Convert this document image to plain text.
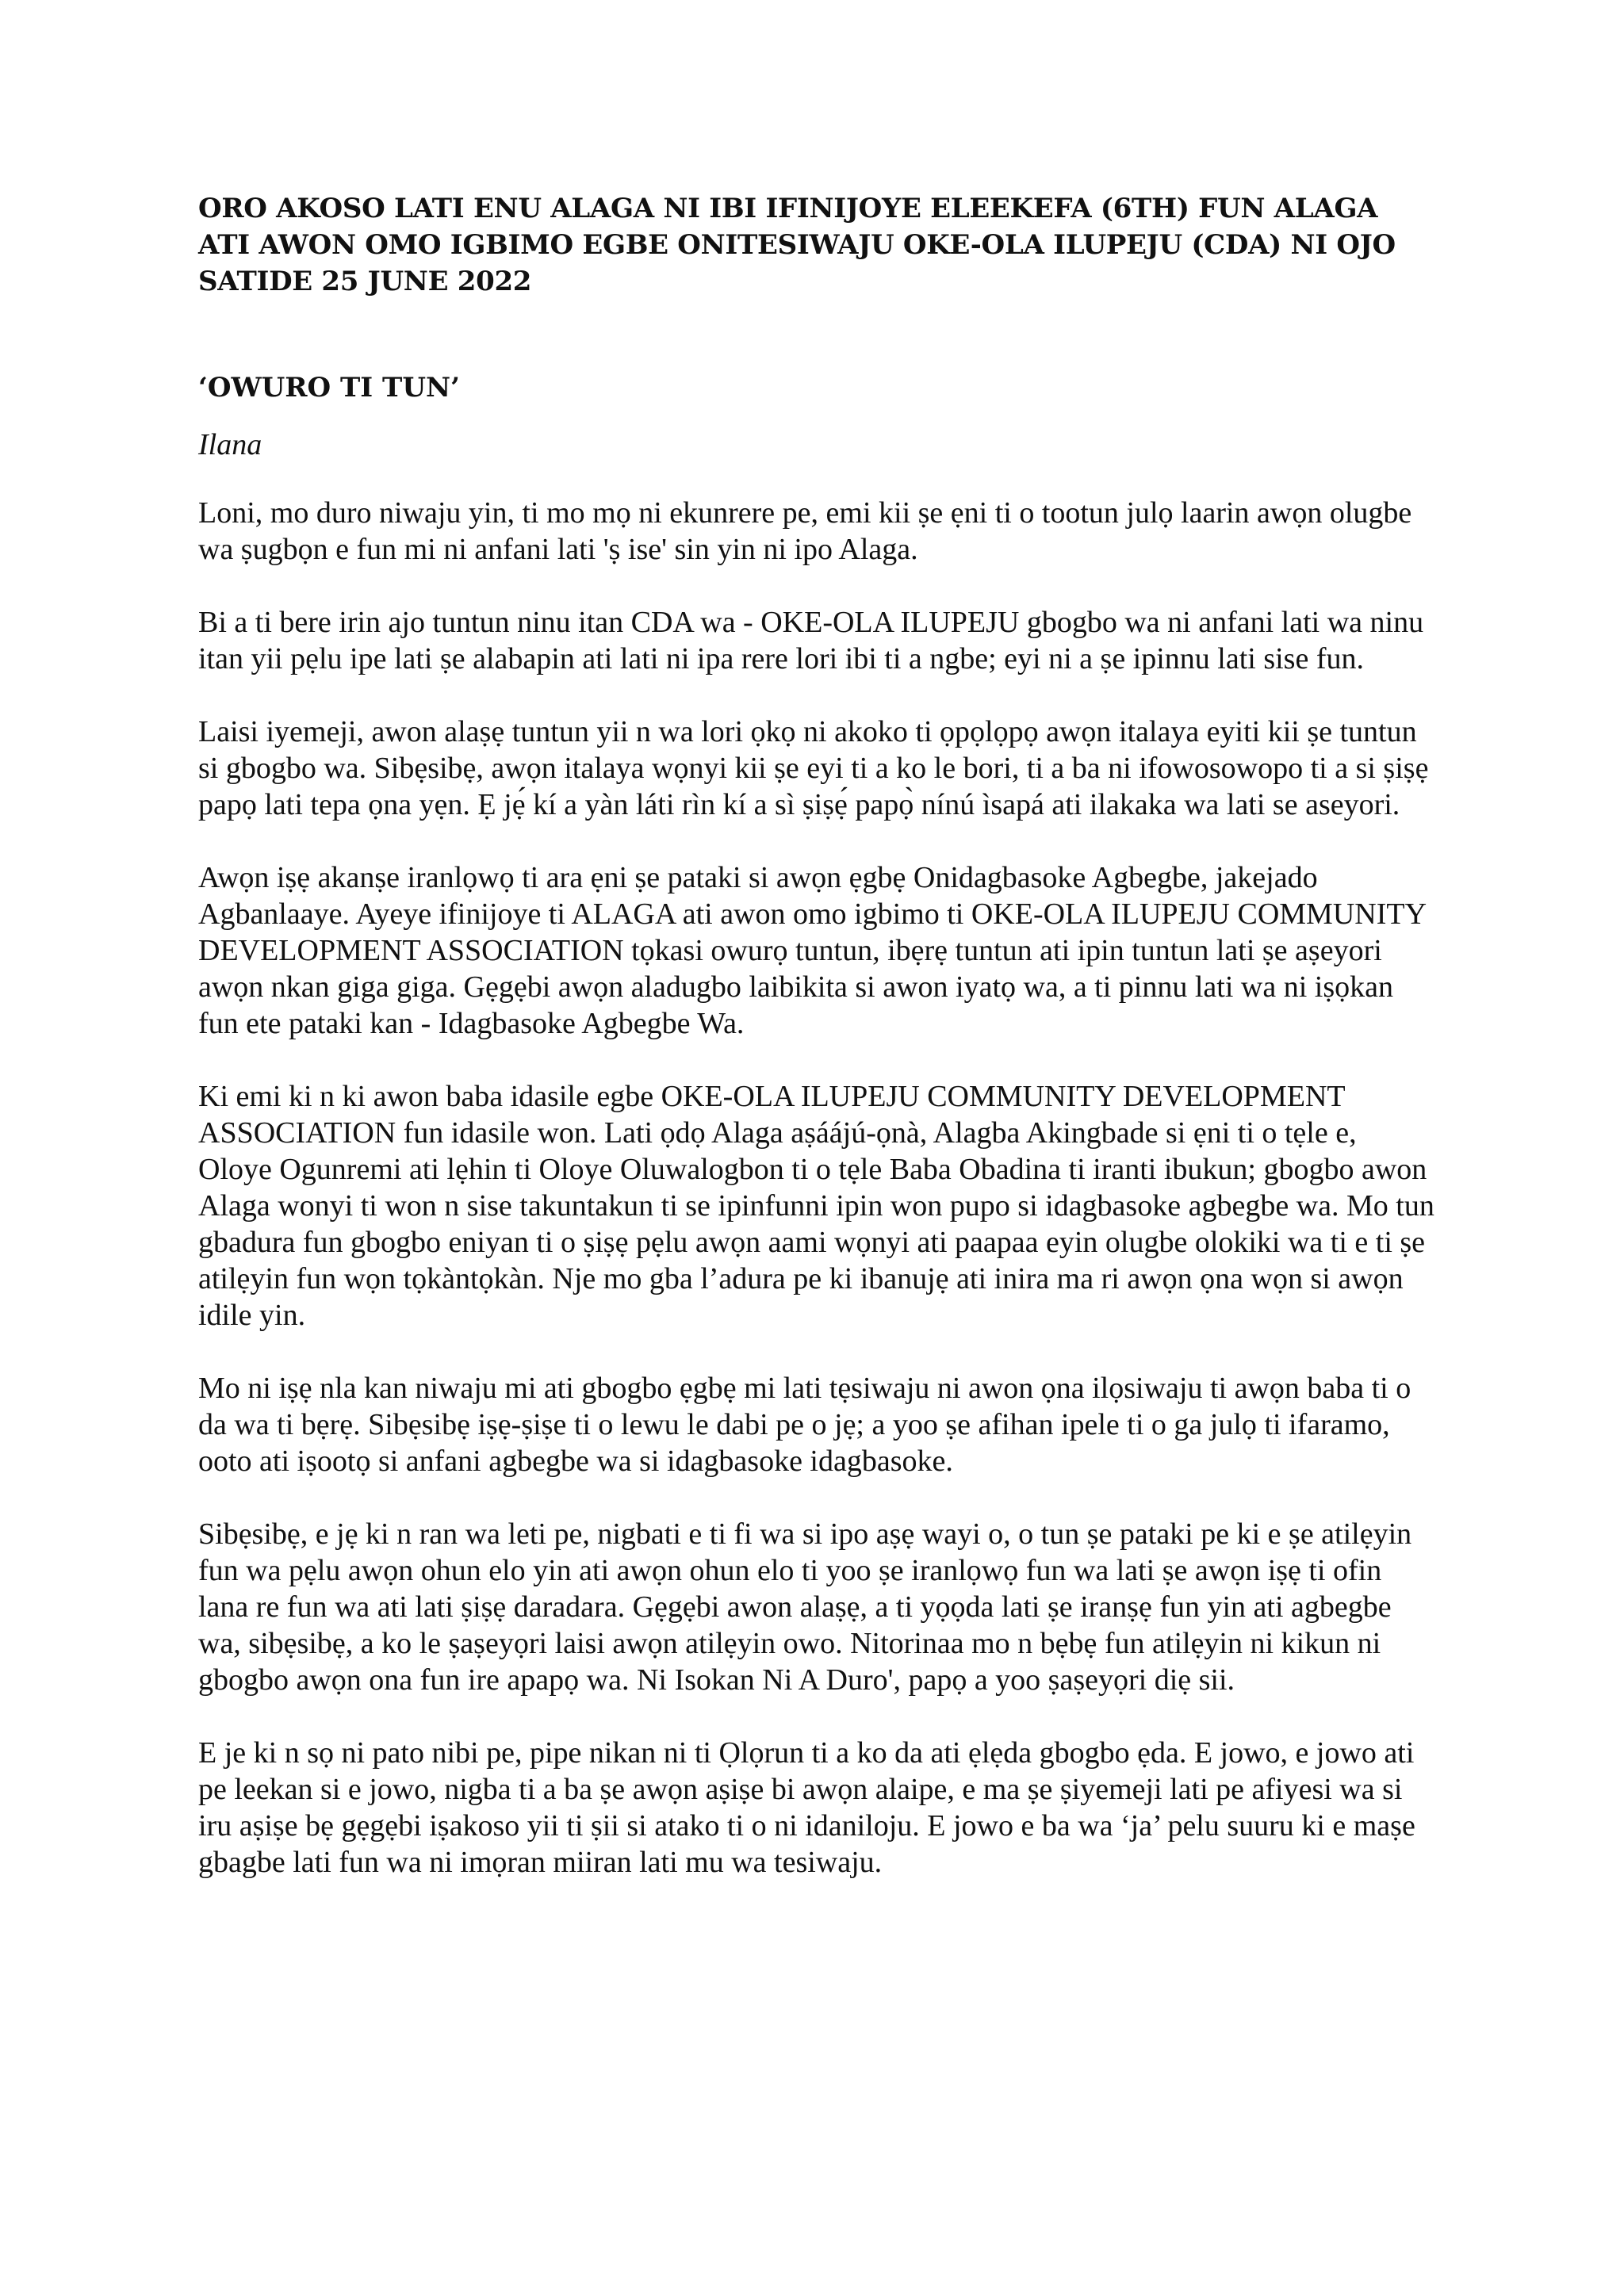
ORO AKOSO LATI ENU ALAGA NI IBI IFINIJOYE ELEEKEFA (6TH) FUN ALAGA ATI AWON OMO IGBIMO EGBE ONITESIWAJU OKE-OLA ILUPEJU (CDA) NI OJO SATIDE 25 JUNE 2022
‘OWURO TI TUN’

Ilana

Loni, mo duro niwaju yin, ti mo mọ ni ekunrere pe, emi kii ṣe ẹni ti o tootun julọ laarin awọn olugbe wa ṣugbọn e fun mi ni anfani lati 'ṣ ise' sin yin ni ipo Alaga.

Bi a ti bere irin ajo tuntun ninu itan CDA wa - OKE-OLA ILUPEJU gbogbo wa ni anfani lati wa ninu itan yii pẹlu ipe lati ṣe alabapin ati lati ni ipa rere lori ibi ti a ngbe; eyi ni a ṣe ipinnu lati sise fun.

Laisi iyemeji, awon alaṣẹ tuntun yii n wa lori ọkọ ni akoko ti ọpọlọpọ awọn italaya eyiti kii ṣe tuntun si gbogbo wa. Sibẹsibẹ, awọn italaya wọnyi kii ṣe eyi ti a ko le bori, ti a ba ni ifowosowopo ti a si ṣiṣẹ papọ lati tepa ọna yẹn. Ẹ jẹ́ kí a yàn láti rìn kí a sì ṣiṣẹ́ papọ̀ nínú ìsapá ati ilakaka wa lati se aseyori.

Awọn iṣẹ akanṣe iranlọwọ ti ara ẹni ṣe pataki si awọn ẹgbẹ Onidagbasoke Agbegbe, jakejado Agbanlaaye. Ayeye ifinijoye ti ALAGA ati awon omo igbimo ti OKE-OLA ILUPEJU COMMUNITY DEVELOPMENT ASSOCIATION tọkasi owurọ tuntun, ibẹrẹ tuntun ati ipin tuntun lati ṣe aṣeyori awọn nkan giga giga. Gẹgẹbi awọn aladugbo laibikita si awon iyatọ wa, a ti pinnu lati wa ni iṣọkan fun ete pataki kan - Idagbasoke Agbegbe Wa.

Ki emi ki n ki awon baba idasile egbe OKE-OLA ILUPEJU COMMUNITY DEVELOPMENT ASSOCIATION fun idasile won. Lati ọdọ Alaga aṣáájú-ọnà, Alagba Akingbade si ẹni ti o tẹle e, Oloye Ogunremi ati lẹhin ti Oloye Oluwalogbon ti o tẹle Baba Obadina ti iranti ibukun; gbogbo awon Alaga wonyi ti won n sise takuntakun ti se ipinfunni ipin won pupo si idagbasoke agbegbe wa. Mo tun gbadura fun gbogbo eniyan ti o ṣiṣẹ pẹlu awọn aami wọnyi ati paapaa eyin olugbe olokiki wa ti e ti ṣe atilẹyin fun wọn tọkàntọkàn. Nje mo gba l’adura pe ki ibanujẹ ati inira ma ri awọn ọna wọn si awọn idile yin.

Mo ni iṣẹ nla kan niwaju mi ati gbogbo ẹgbẹ mi lati tẹsiwaju ni awon ọna ilọsiwaju ti awọn baba ti o da wa ti bẹrẹ. Sibẹsibẹ iṣẹ-ṣiṣe ti o lewu le dabi pe o jẹ; a yoo ṣe afihan ipele ti o ga julọ ti ifaramo, ooto ati iṣootọ si anfani agbegbe wa si idagbasoke idagbasoke.

Sibẹsibẹ, e jẹ ki n ran wa leti pe, nigbati e ti fi wa si ipo aṣẹ wayi o, o tun ṣe pataki pe ki e ṣe atilẹyin fun wa pẹlu awọn ohun elo yin ati awọn ohun elo ti yoo ṣe iranlọwọ fun wa lati ṣe awọn iṣẹ ti ofin lana re fun wa ati lati ṣiṣẹ daradara. Gẹgẹbi awon alaṣẹ, a ti yọọda lati ṣe iranṣẹ fun yin ati agbegbe wa, sibẹsibẹ, a ko le ṣaṣeyọri laisi awọn atilẹyin owo. Nitorinaa mo n bẹbẹ fun atilẹyin ni kikun ni gbogbo awọn ona fun ire apapọ wa. Ni Isokan Ni A Duro', papọ a yoo ṣaṣeyọri diẹ sii.

E je ki n sọ ni pato nibi pe, pipe nikan ni ti Ọlọrun ti a ko da ati ẹlẹda gbogbo ẹda. E jowo, e jowo ati pe leekan si e jowo, nigba ti a ba ṣe awọn aṣiṣe bi awọn alaipe, e ma ṣe ṣiyemeji lati pe afiyesi wa si iru aṣiṣe bẹ gẹgẹbi iṣakoso yii ti ṣii si atako ti o ni idaniloju. E jowo e ba wa ‘ja’ pelu suuru ki e maṣe gbagbe lati fun wa ni imọran miiran lati mu wa tesiwaju.
